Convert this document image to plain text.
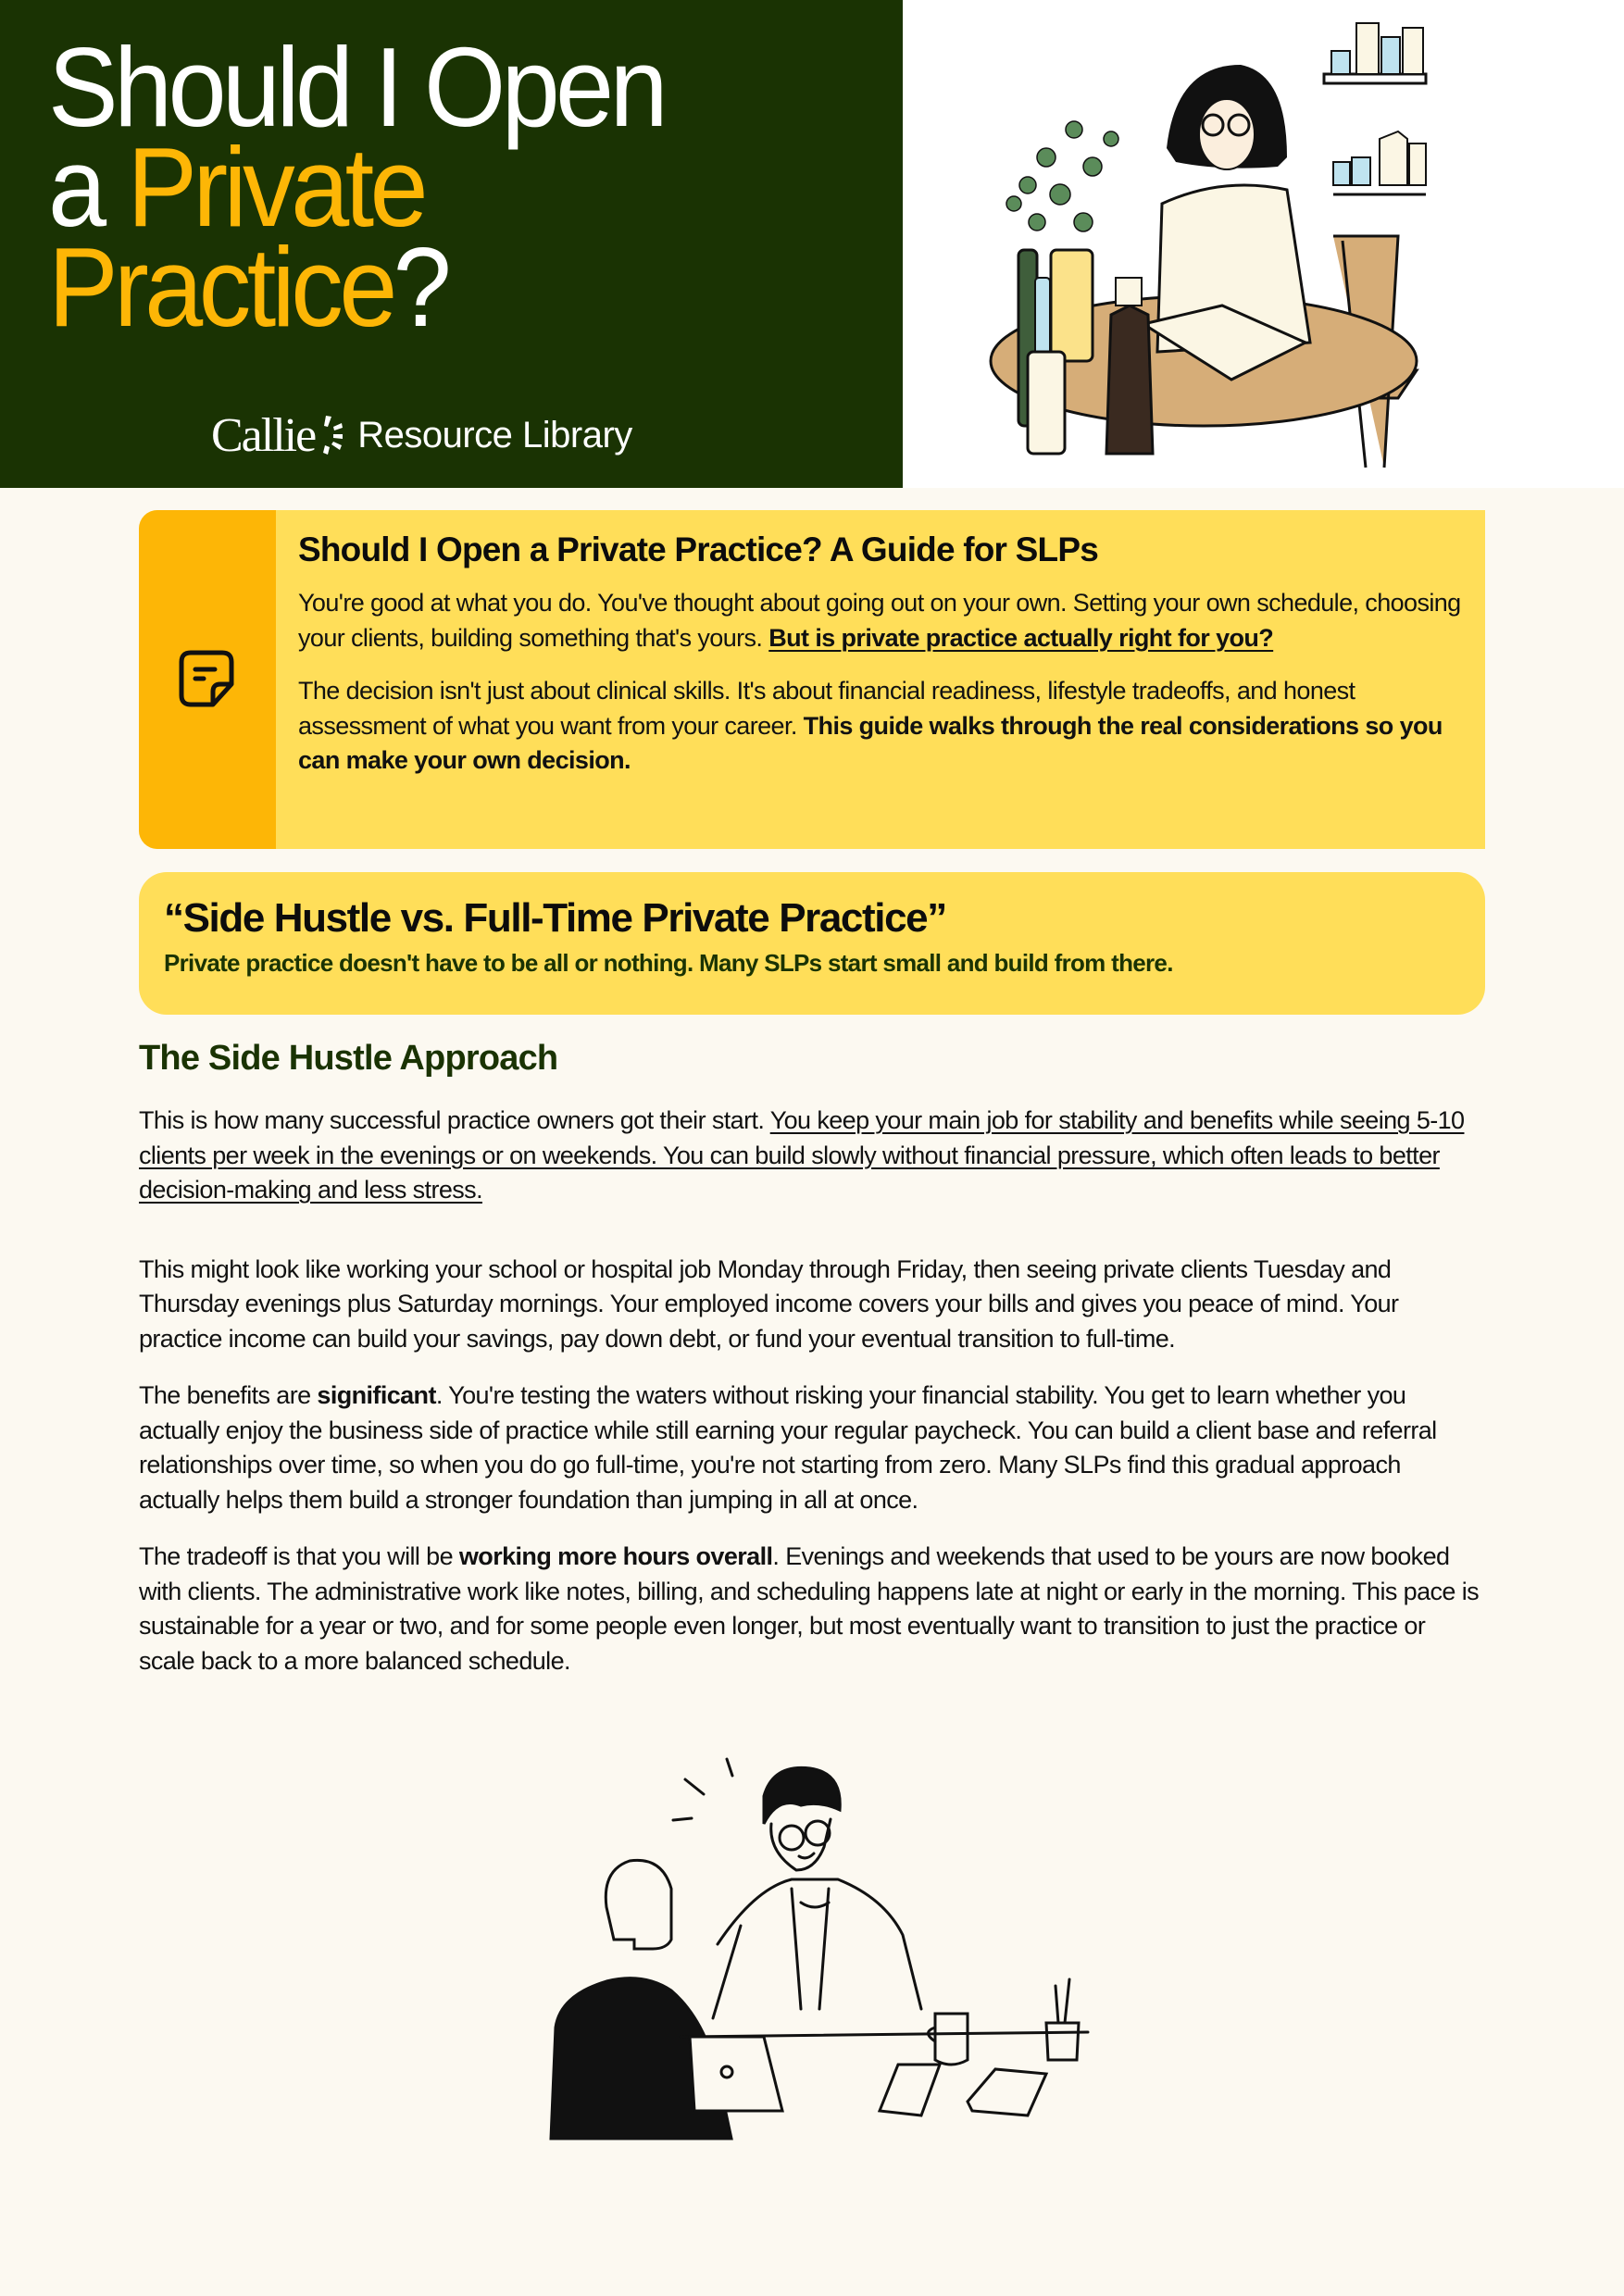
Should I Open
a Private
Practice?
Callie Resource Library
Should I Open a Private Practice? A Guide for SLPs

You're good at what you do. You've thought about going out on your own. Setting your own schedule, choosing your clients, building something that's yours. But is private practice actually right for you?

The decision isn't just about clinical skills. It's about financial readiness, lifestyle tradeoffs, and honest assessment of what you want from your career. This guide walks through the real considerations so you can make your own decision.

“Side Hustle vs. Full-Time Private Practice”

Private practice doesn't have to be all or nothing. Many SLPs start small and build from there.

The Side Hustle Approach

This is how many successful practice owners got their start. You keep your main job for stability and benefits while seeing 5-10 clients per week in the evenings or on weekends. You can build slowly without financial pressure, which often leads to better decision-making and less stress.

This might look like working your school or hospital job Monday through Friday, then seeing private clients Tuesday and Thursday evenings plus Saturday mornings. Your employed income covers your bills and gives you peace of mind. Your practice income can build your savings, pay down debt, or fund your eventual transition to full-time.

The benefits are significant. You're testing the waters without risking your financial stability. You get to learn whether you actually enjoy the business side of practice while still earning your regular paycheck. You can build a client base and referral relationships over time, so when you do go full-time, you're not starting from zero. Many SLPs find this gradual approach actually helps them build a stronger foundation than jumping in all at once.

The tradeoff is that you will be working more hours overall. Evenings and weekends that used to be yours are now booked with clients. The administrative work like notes, billing, and scheduling happens late at night or early in the morning. This pace is sustainable for a year or two, and for some people even longer, but most eventually want to transition to just the practice or scale back to a more balanced schedule.
